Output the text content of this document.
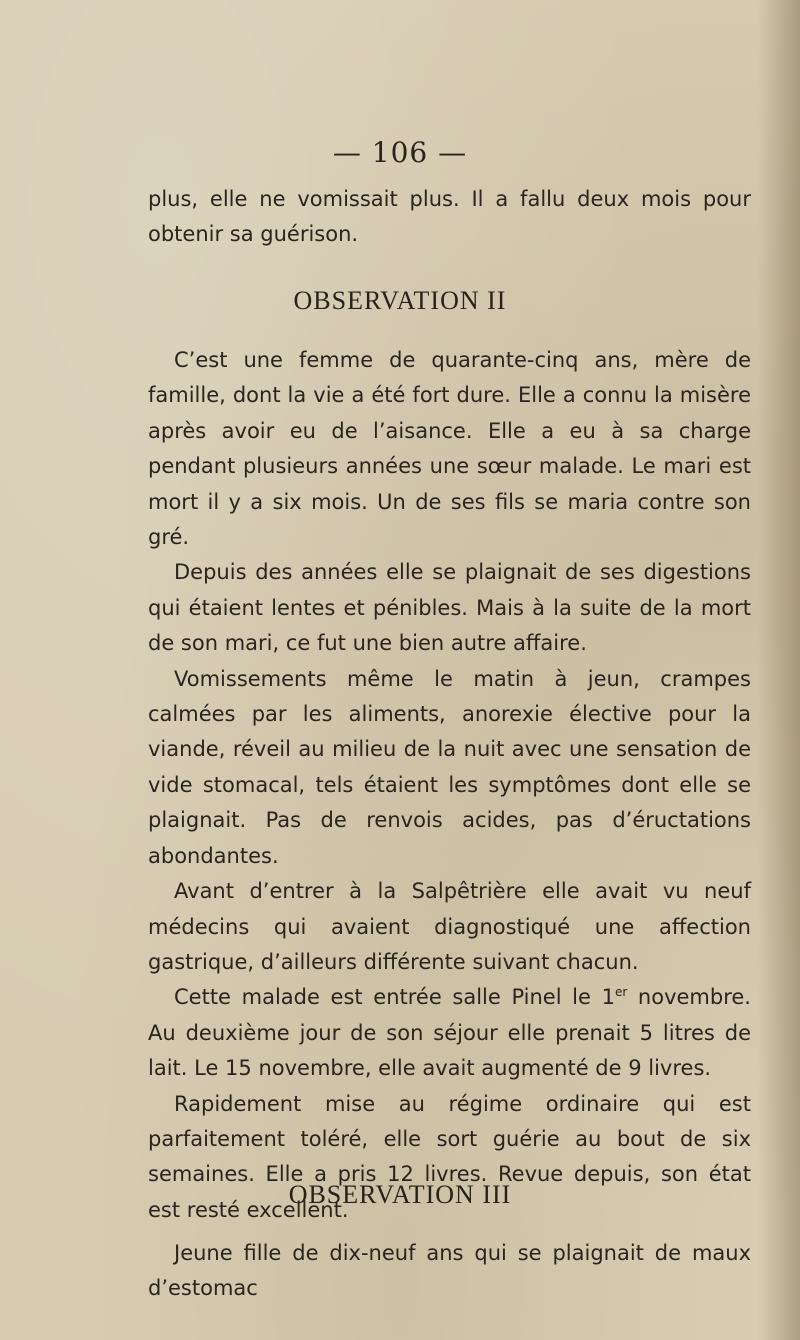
— 106 —

plus, elle ne vomissait plus. Il a fallu deux mois pour obtenir sa guérison.

OBSERVATION II

C’est une femme de quarante-cinq ans, mère de famille, dont la vie a été fort dure. Elle a connu la misère après avoir eu de l’aisance. Elle a eu à sa charge pendant plusieurs années une sœur malade. Le mari est mort il y a six mois. Un de ses fils se maria contre son gré.

Depuis des années elle se plaignait de ses digestions qui étaient lentes et pénibles. Mais à la suite de la mort de son mari, ce fut une bien autre affaire.

Vomissements même le matin à jeun, crampes calmées par les aliments, anorexie élective pour la viande, réveil au milieu de la nuit avec une sensation de vide stomacal, tels étaient les symptômes dont elle se plaignait. Pas de renvois acides, pas d’éructations abondantes.

Avant d’entrer à la Salpêtrière elle avait vu neuf médecins qui avaient diagnostiqué une affection gastrique, d’ailleurs différente suivant chacun.

Cette malade est entrée salle Pinel le 1er novembre. Au deuxième jour de son séjour elle prenait 5 litres de lait. Le 15 novembre, elle avait augmenté de 9 livres.

Rapidement mise au régime ordinaire qui est parfaitement toléré, elle sort guérie au bout de six semaines. Elle a pris 12 livres. Revue depuis, son état est resté excellent.

OBSERVATION III

Jeune fille de dix-neuf ans qui se plaignait de maux d’estomac
